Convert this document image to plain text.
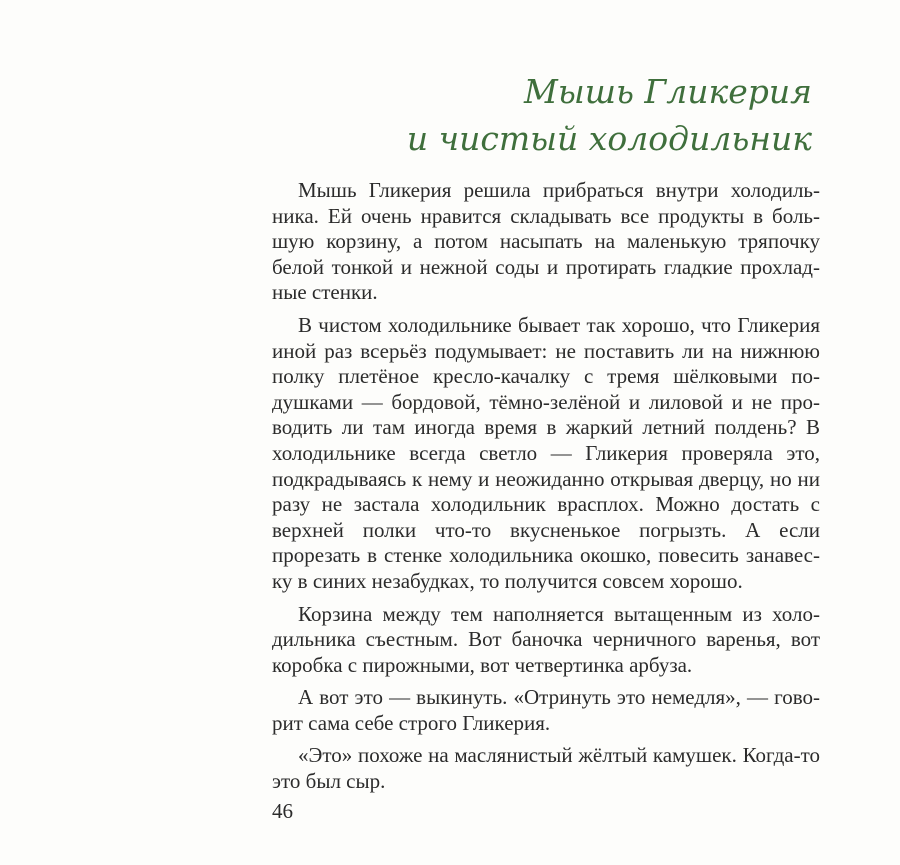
Мышь Гликерия
и чистый холодильник

Мышь Гликерия решила прибраться внутри холодильника. Ей очень нравится складывать все продукты в большую корзину, а потом насыпать на маленькую тряпочку белой тонкой и нежной соды и протирать гладкие прохладные стенки.

В чистом холодильнике бывает так хорошо, что Гликерия иной раз всерьёз подумывает: не поставить ли на нижнюю полку плетёное кресло-качалку с тремя шёлковыми подушками — бордовой, тёмно-зелёной и лиловой и не проводить ли там иногда время в жаркий летний полдень? В холодильнике всегда светло — Гликерия проверяла это, подкрадываясь к нему и неожиданно открывая дверцу, но ни разу не застала холодильник врасплох. Можно достать с верхней полки что-то вкусненькое погрызть. А если прорезать в стенке холодильника окошко, повесить занавеску в синих незабудках, то получится совсем хорошо.

Корзина между тем наполняется вытащенным из холодильника съестным. Вот баночка черничного варенья, вот коробка с пирожными, вот четвертинка арбуза.

А вот это — выкинуть. «Отринуть это немедля», — говорит сама себе строго Гликерия.

«Это» похоже на маслянистый жёлтый камушек. Когда-то это был сыр.

46
